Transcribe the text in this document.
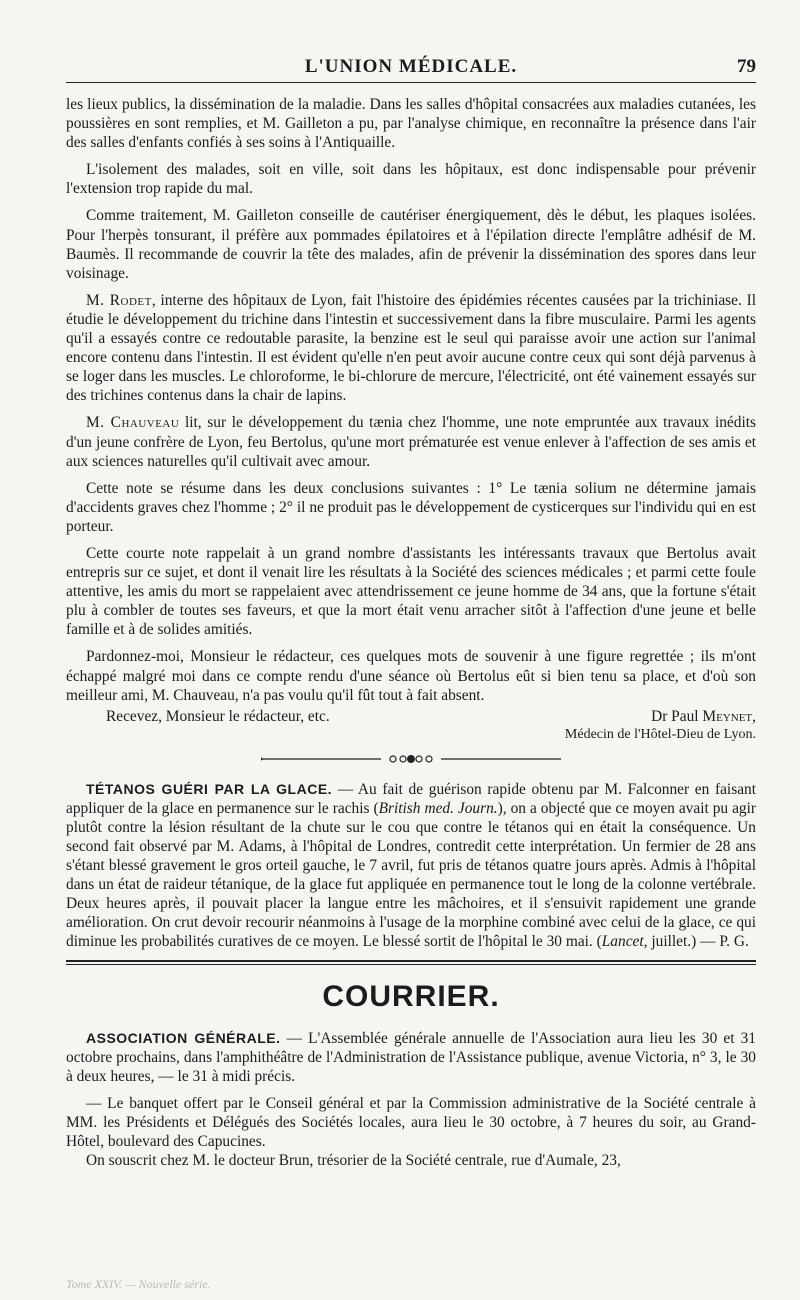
L'UNION MÉDICALE.	79

les lieux publics, la dissémination de la maladie. Dans les salles d'hôpital consacrées aux maladies cutanées, les poussières en sont remplies, et M. Gailleton a pu, par l'analyse chimique, en reconnaître la présence dans l'air des salles d'enfants confiés à ses soins à l'Antiquaille.

L'isolement des malades, soit en ville, soit dans les hôpitaux, est donc indispensable pour prévenir l'extension trop rapide du mal.

Comme traitement, M. Gailleton conseille de cautériser énergiquement, dès le début, les plaques isolées. Pour l'herpès tonsurant, il préfère aux pommades épilatoires et à l'épilation directe l'emplâtre adhésif de M. Baumès. Il recommande de couvrir la tête des malades, afin de prévenir la dissémination des spores dans leur voisinage.

M. Rodet, interne des hôpitaux de Lyon, fait l'histoire des épidémies récentes causées par la trichiniase. Il étudie le développement du trichine dans l'intestin et successivement dans la fibre musculaire. Parmi les agents qu'il a essayés contre ce redoutable parasite, la benzine est le seul qui paraisse avoir une action sur l'animal encore contenu dans l'intestin. Il est évident qu'elle n'en peut avoir aucune contre ceux qui sont déjà parvenus à se loger dans les muscles. Le chloroforme, le bi-chlorure de mercure, l'électricité, ont été vainement essayés sur des trichines contenus dans la chair de lapins.

M. Chauveau lit, sur le développement du tænia chez l'homme, une note empruntée aux travaux inédits d'un jeune confrère de Lyon, feu Bertolus, qu'une mort prématurée est venue enlever à l'affection de ses amis et aux sciences naturelles qu'il cultivait avec amour.

Cette note se résume dans les deux conclusions suivantes : 1° Le tænia solium ne détermine jamais d'accidents graves chez l'homme ; 2° il ne produit pas le développement de cysticerques sur l'individu qui en est porteur.

Cette courte note rappelait à un grand nombre d'assistants les intéressants travaux que Bertolus avait entrepris sur ce sujet, et dont il venait lire les résultats à la Société des sciences médicales ; et parmi cette foule attentive, les amis du mort se rappelaient avec attendrissement ce jeune homme de 34 ans, que la fortune s'était plu à combler de toutes ses faveurs, et que la mort était venu arracher sitôt à l'affection d'une jeune et belle famille et à de solides amitiés.

Pardonnez-moi, Monsieur le rédacteur, ces quelques mots de souvenir à une figure regrettée ; ils m'ont échappé malgré moi dans ce compte rendu d'une séance où Bertolus eût si bien tenu sa place, et d'où son meilleur ami, M. Chauveau, n'a pas voulu qu'il fût tout à fait absent.

Recevez, Monsieur le rédacteur, etc.	Dr Paul Meynet,
Médecin de l'Hôtel-Dieu de Lyon.

TÉTANOS GUÉRI PAR LA GLACE. — Au fait de guérison rapide obtenu par M. Falconner en faisant appliquer de la glace en permanence sur le rachis (British med. Journ.), on a objecté que ce moyen avait pu agir plutôt contre la lésion résultant de la chute sur le cou que contre le tétanos qui en était la conséquence. Un second fait observé par M. Adams, à l'hôpital de Londres, contredit cette interprétation. Un fermier de 28 ans s'étant blessé gravement le gros orteil gauche, le 7 avril, fut pris de tétanos quatre jours après. Admis à l'hôpital dans un état de raideur tétanique, de la glace fut appliquée en permanence tout le long de la colonne vertébrale. Deux heures après, il pouvait placer la langue entre les mâchoires, et il s'ensuivit rapidement une grande amélioration. On crut devoir recourir néanmoins à l'usage de la morphine combiné avec celui de la glace, ce qui diminue les probabilités curatives de ce moyen. Le blessé sortit de l'hôpital le 30 mai. (Lancet, juillet.) — P. G.

COURRIER.

ASSOCIATION GÉNÉRALE. — L'Assemblée générale annuelle de l'Association aura lieu les 30 et 31 octobre prochains, dans l'amphithéâtre de l'Administration de l'Assistance publique, avenue Victoria, n° 3, le 30 à deux heures, — le 31 à midi précis.

— Le banquet offert par le Conseil général et par la Commission administrative de la Société centrale à MM. les Présidents et Délégués des Sociétés locales, aura lieu le 30 octobre, à 7 heures du soir, au Grand-Hôtel, boulevard des Capucines.

On souscrit chez M. le docteur Brun, trésorier de la Société centrale, rue d'Aumale, 23,

Tome XXIV. — Nouvelle série.
